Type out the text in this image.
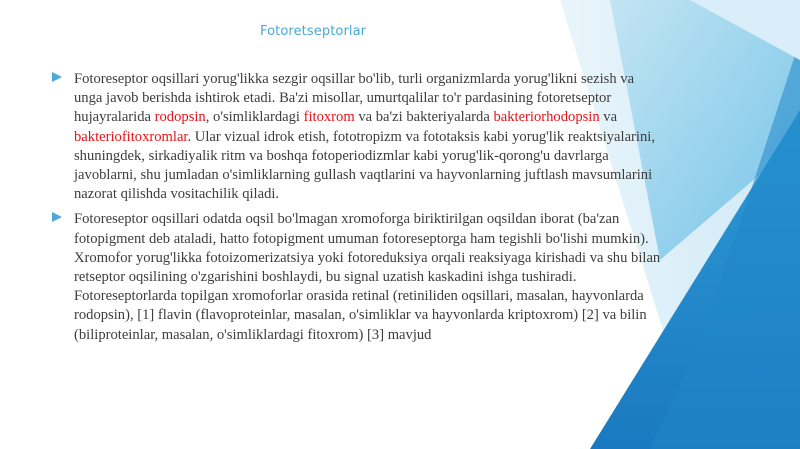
Fotoretseptorlar
Fotoreseptor oqsillari yorug'likka sezgir oqsillar bo'lib, turli organizmlarda yorug'likni sezish va unga javob berishda ishtirok etadi. Ba'zi misollar, umurtqalilar to'r pardasining fotoretseptor hujayralarida rodopsin, o'simliklardagi fitoxrom va ba'zi bakteriyalarda bakteriorhodopsin va bakteriofitoxromlar. Ular vizual idrok etish, fototropizm va fototaksis kabi yorug'lik reaktsiyalarini, shuningdek, sirkadiyalik ritm va boshqa fotoperiodizmlar kabi yorug'lik-qorong'u davrlarga javoblarni, shu jumladan o'simliklarning gullash vaqtlarini va hayvonlarning juftlash mavsumlarini nazorat qilishda vositachilik qiladi.
Fotoreseptor oqsillari odatda oqsil bo'lmagan xromoforga biriktirilgan oqsildan iborat (ba'zan fotopigment deb ataladi, hatto fotopigment umuman fotoreseptorga ham tegishli bo'lishi mumkin). Xromofor yorug'likka fotoizomerizatsiya yoki fotoreduksiya orqali reaksiyaga kirishadi va shu bilan retseptor oqsilining o'zgarishini boshlaydi, bu signal uzatish kaskadini ishga tushiradi. Fotoreseptorlarda topilgan xromoforlar orasida retinal (retiniliden oqsillari, masalan, hayvonlarda rodopsin), [1] flavin (flavoproteinlar, masalan, o'simliklar va hayvonlarda kriptoxrom) [2] va bilin (biliproteinlar, masalan, o'simliklardagi fitoxrom) [3] mavjud
